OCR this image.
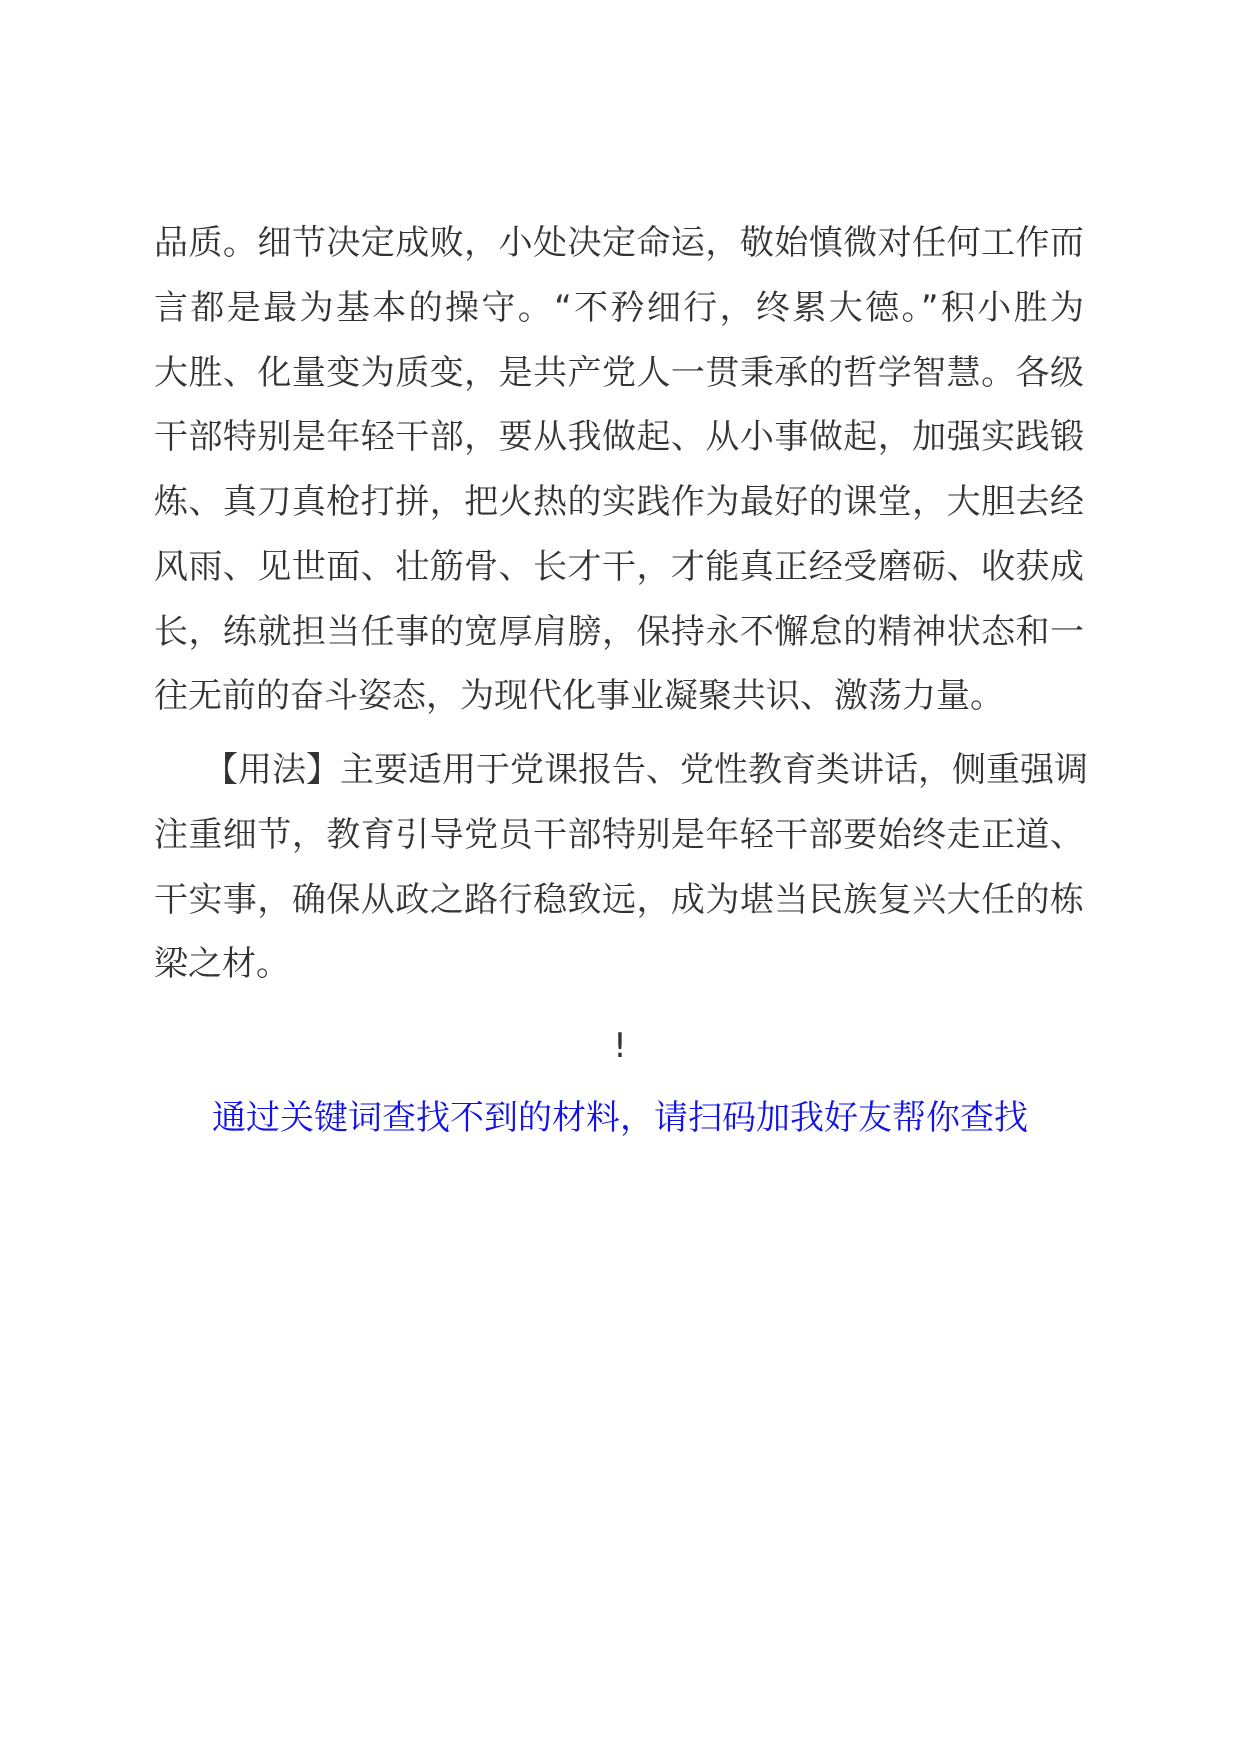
品质。细节决定成败，小处决定命运，敬始慎微对任何工作而
言都是最为基本的操守。“不矜细行，终累大德。”积小胜为
大胜、化量变为质变，是共产党人一贯秉承的哲学智慧。各级
干部特别是年轻干部，要从我做起、从小事做起，加强实践锻
炼、真刀真枪打拼，把火热的实践作为最好的课堂，大胆去经
风雨、见世面、壮筋骨、长才干，才能真正经受磨砺、收获成
长，练就担当任事的宽厚肩膀，保持永不懈怠的精神状态和一
往无前的奋斗姿态，为现代化事业凝聚共识、激荡力量。
【用法】主要适用于党课报告、党性教育类讲话，侧重强调
注重细节，教育引导党员干部特别是年轻干部要始终走正道、
干实事，确保从政之路行稳致远，成为堪当民族复兴大任的栋
梁之材。
!
通过关键词查找不到的材料，请扫码加我好友帮你查找
